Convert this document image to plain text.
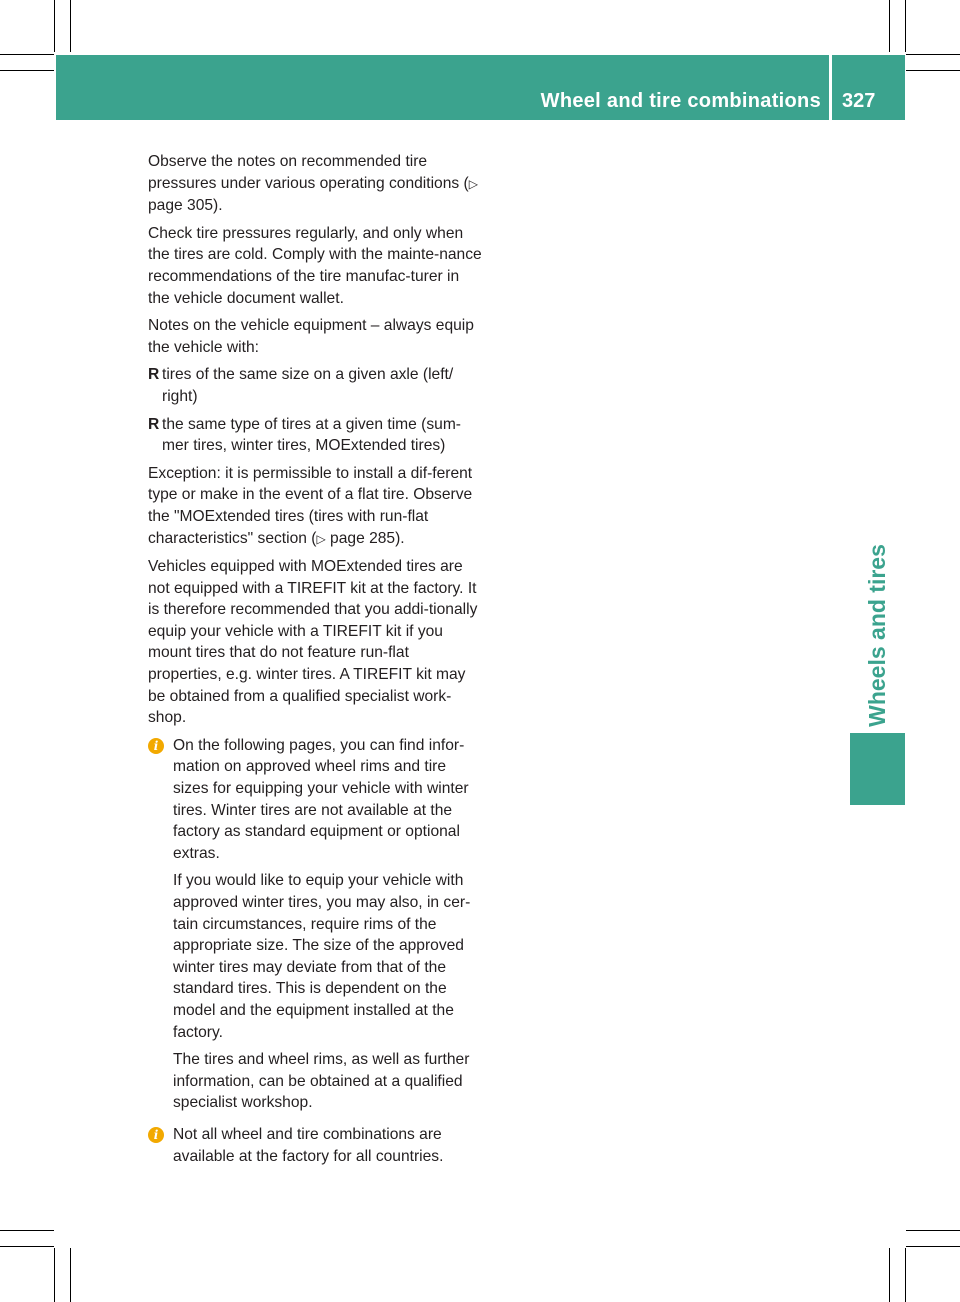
Wheel and tire combinations 327
Wheels and tires

Observe the notes on recommended tire pressures under various operating conditions (▷ page 305).

Check tire pressures regularly, and only when the tires are cold. Comply with the mainte-nance recommendations of the tire manufac-turer in the vehicle document wallet.

Notes on the vehicle equipment – always equip the vehicle with:

R tires of the same size on a given axle (left/ right)
R the same type of tires at a given time (sum-mer tires, winter tires, MOExtended tires)

Exception: it is permissible to install a dif-ferent type or make in the event of a flat tire. Observe the "MOExtended tires (tires with run-flat characteristics" section (▷ page 285).

Vehicles equipped with MOExtended tires are not equipped with a TIREFIT kit at the factory. It is therefore recommended that you addi-tionally equip your vehicle with a TIREFIT kit if you mount tires that do not feature run-flat properties, e.g. winter tires. A TIREFIT kit may be obtained from a qualified specialist work-shop.

i On the following pages, you can find infor-mation on approved wheel rims and tire sizes for equipping your vehicle with winter tires. Winter tires are not available at the factory as standard equipment or optional extras.

If you would like to equip your vehicle with approved winter tires, you may also, in cer-tain circumstances, require rims of the appropriate size. The size of the approved winter tires may deviate from that of the standard tires. This is dependent on the model and the equipment installed at the factory.

The tires and wheel rims, as well as further information, can be obtained at a qualified specialist workshop.

i Not all wheel and tire combinations are available at the factory for all countries.
